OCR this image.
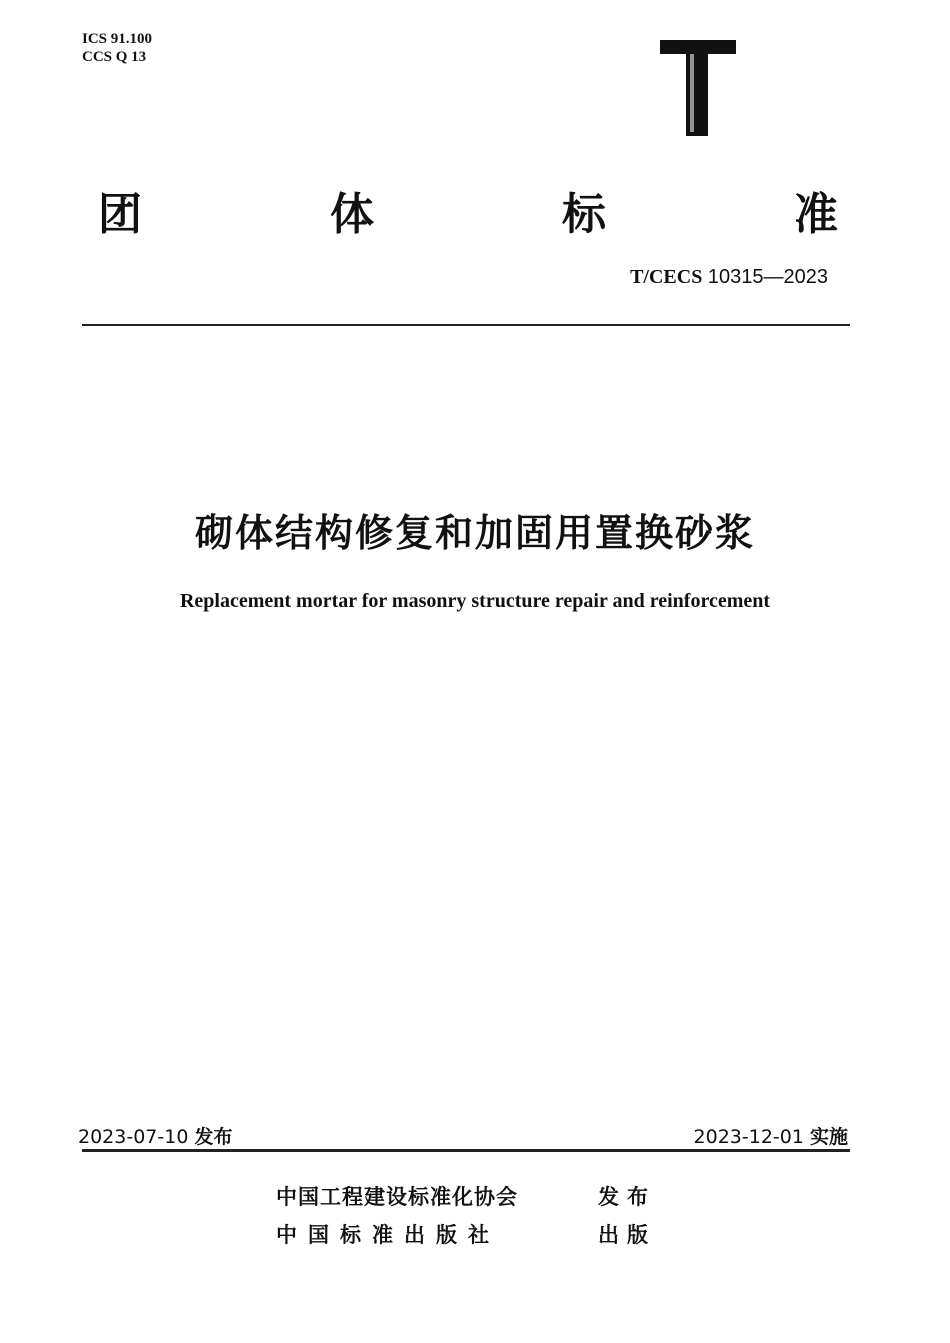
ICS 91.100
CCS Q 13
团	体	标	准
T/CECS 10315—2023
砌体结构修复和加固用置换砂浆
Replacement mortar for masonry structure repair and reinforcement
2023-07-10 发布	2023-12-01 实施
中国工程建设标准化协会	发布
中国标准出版社	出版
